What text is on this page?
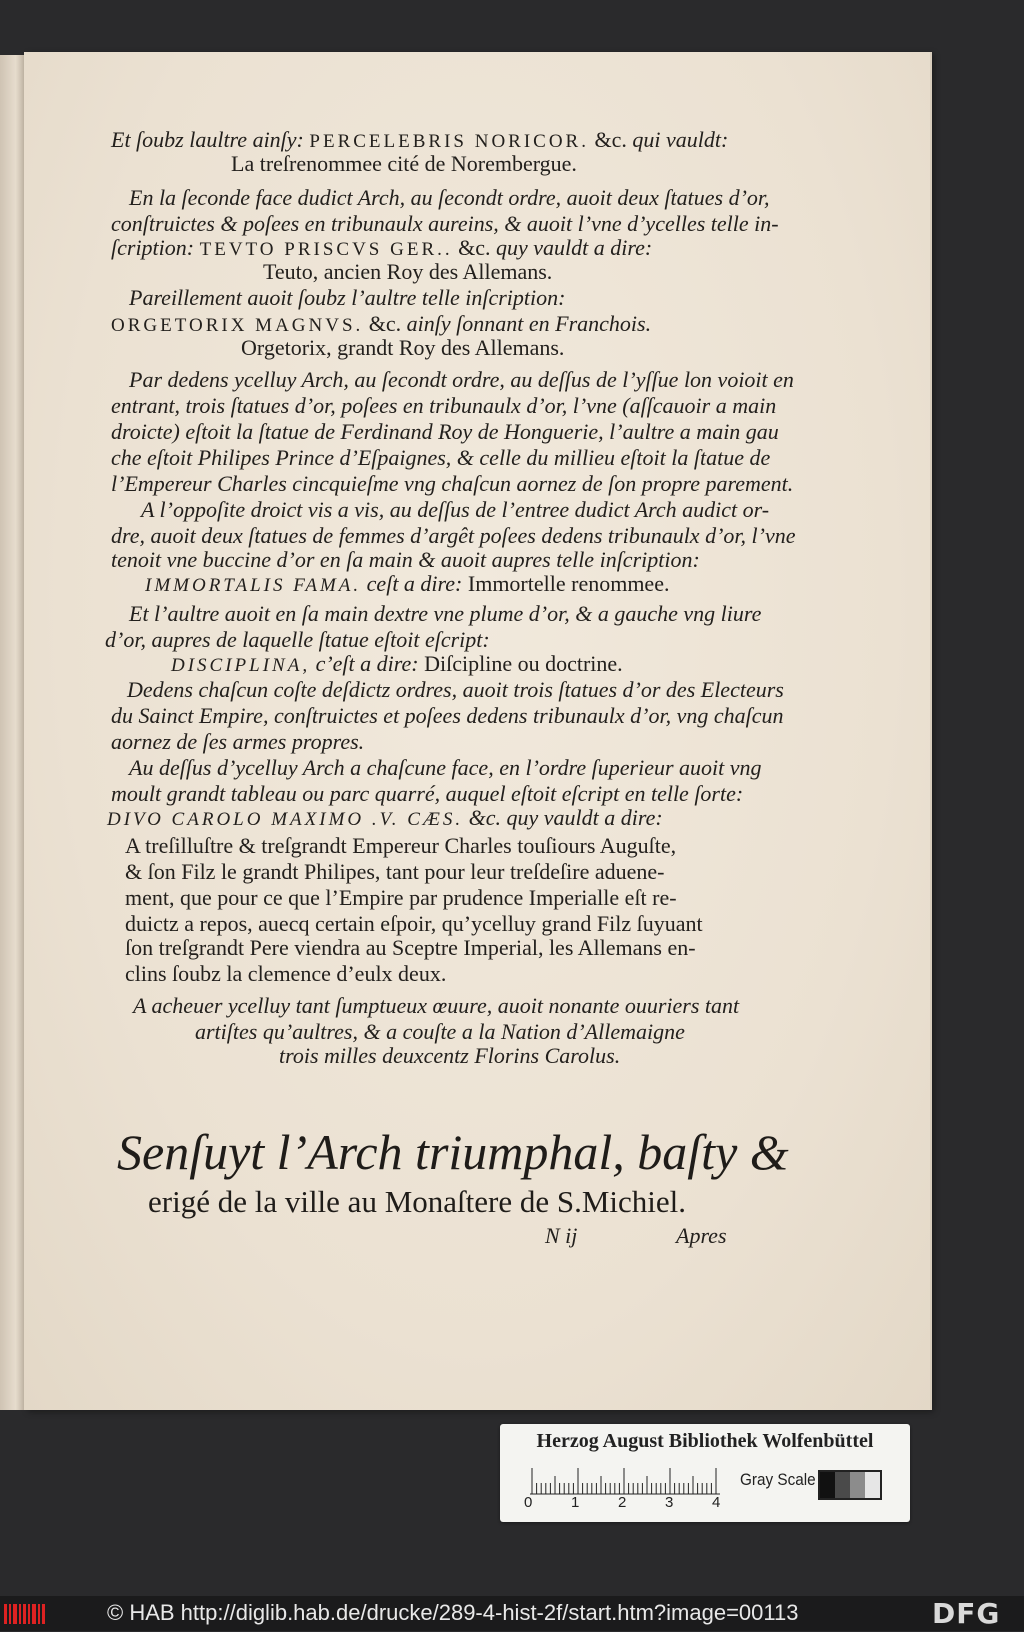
Et ſoubz laultre ainſy: PERCELEBRIS NORICOR. &c. qui vauldt:
La treſrenommee cité de Norembergue.
En la ſeconde face dudict Arch, au ſecondt ordre, auoit deux ſtatues d’or,
conſtruictes & poſees en tribunaulx aureins, & auoit l’vne d’ycelles telle in-
ſcription: TEVTO PRISCVS GER.. &c. quy vauldt a dire:
Teuto, ancien Roy des Allemans.
Pareillement auoit ſoubz l’aultre telle inſcription:
ORGETORIX MAGNVS. &c. ainſy ſonnant en Franchois.
Orgetorix, grandt Roy des Allemans.
Par dedens ycelluy Arch, au ſecondt ordre, au deſſus de l’yſſue lon voioit en
entrant, trois ſtatues d’or, poſees en tribunaulx d’or, l’vne (aſſcauoir a main
droicte) eſtoit la ſtatue de Ferdinand Roy de Honguerie, l’aultre a main gau
che eſtoit Philipes Prince d’Eſpaignes, & celle du millieu eſtoit la ſtatue de
l’Empereur Charles cincquieſme vng chaſcun aornez de ſon propre parement.
A l’oppoſite droict vis a vis, au deſſus de l’entree dudict Arch audict or-
dre, auoit deux ſtatues de femmes d’argêt poſees dedens tribunaulx d’or, l’vne
tenoit vne buccine d’or en ſa main & auoit aupres telle inſcription:
IMMORTALIS FAMA. ceſt a dire: Immortelle renommee.
Et l’aultre auoit en ſa main dextre vne plume d’or, & a gauche vng liure
d’or, aupres de laquelle ſtatue eſtoit eſcript:
DISCIPLINA, c’eſt a dire: Diſcipline ou doctrine.
Dedens chaſcun coſte deſdictz ordres, auoit trois ſtatues d’or des Electeurs
du Sainct Empire, conſtruictes et poſees dedens tribunaulx d’or, vng chaſcun
aornez de ſes armes propres.
Au deſſus d’ycelluy Arch a chaſcune face, en l’ordre ſuperieur auoit vng
moult grandt tableau ou parc quarré, auquel eſtoit eſcript en telle ſorte:
DIVO CAROLO MAXIMO .V. CÆS. &c. quy vauldt a dire:
A treſilluſtre & treſgrandt Empereur Charles touſiours Auguſte,
& ſon Filz le grandt Philipes, tant pour leur treſdeſire aduene-
ment, que pour ce que l’Empire par prudence Imperialle eſt re-
duictz a repos, auecq certain eſpoir, qu’ycelluy grand Filz ſuyuant
ſon treſgrandt Pere viendra au Sceptre Imperial, les Allemans en-
clins ſoubz la clemence d’eulx deux.
A acheuer ycelluy tant ſumptueux œuure, auoit nonante ouuriers tant
artiſtes qu’aultres, & a couſte a la Nation d’Allemaigne
trois milles deuxcentz Florins Carolus.
Senſuyt l’Arch triumphal, baſty &
erigé de la ville au Monaſtere de S.Michiel.
N ij	Apres
Herzog August Bibliothek Wolfenbüttel
0	1	2	3	4
Gray Scale
© HAB http://diglib.hab.de/drucke/289-4-hist-2f/start.htm?image=00113	DFG
